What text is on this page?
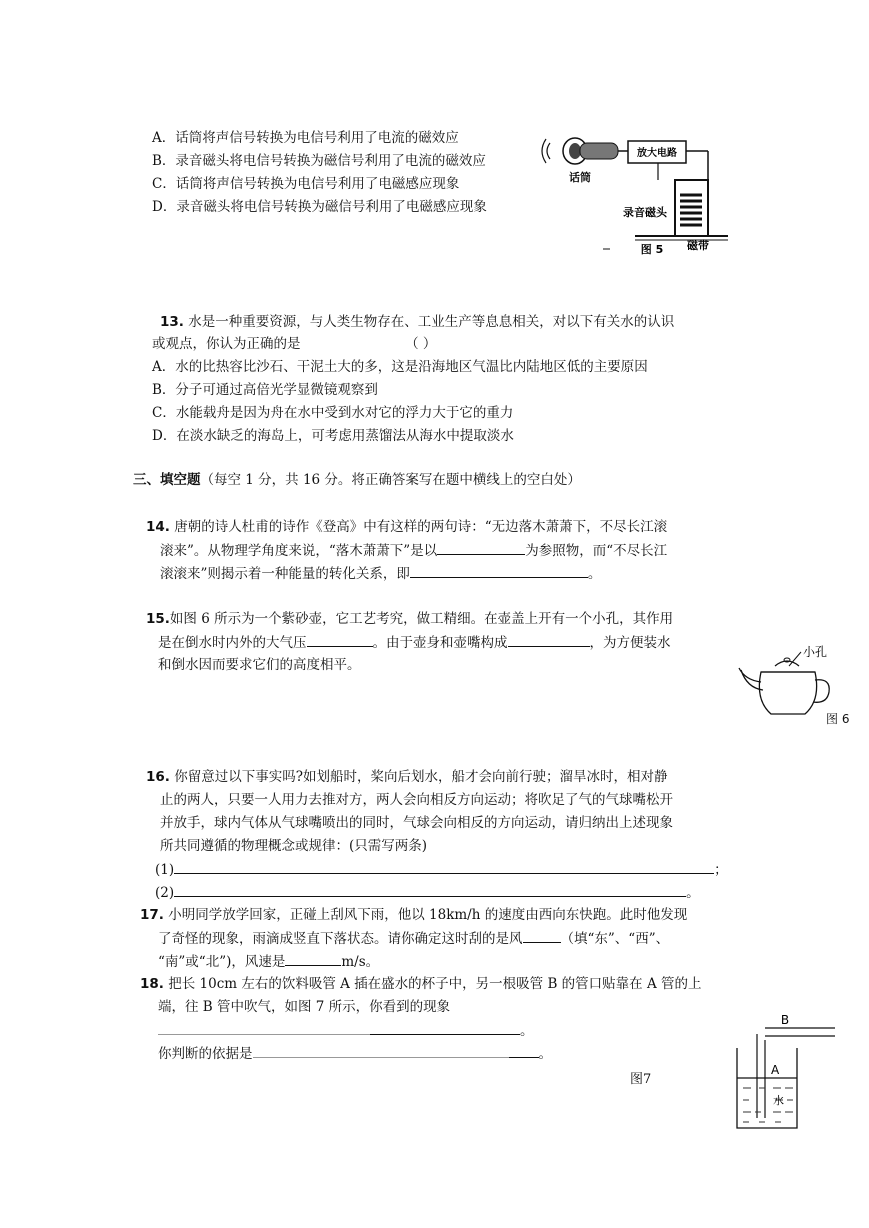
A．话筒将声信号转换为电信号利用了电流的磁效应
B．录音磁头将电信号转换为磁信号利用了电流的磁效应
C．话筒将声信号转换为电信号利用了电磁感应现象
D．录音磁头将电信号转换为磁信号利用了电磁感应现象
放大电路
话筒
录音磁头
磁带
图 5
13. 水是一种重要资源，与人类生物存在、工业生产等息息相关，对以下有关水的认识
或观点，你认为正确的是	（ ）
A．水的比热容比沙石、干泥土大的多，这是沿海地区气温比内陆地区低的主要原因
B．分子可通过高倍光学显微镜观察到
C．水能载舟是因为舟在水中受到水对它的浮力大于它的重力
D．在淡水缺乏的海岛上，可考虑用蒸馏法从海水中提取淡水
三、填空题（每空 1 分，共 16 分。将正确答案写在题中横线上的空白处）
14. 唐朝的诗人杜甫的诗作《登高》中有这样的两句诗：“无边落木萧萧下，不尽长江滚
滚来”。从物理学角度来说，“落木萧萧下”是以	为参照物，而“不尽长江
滚滚来”则揭示着一种能量的转化关系，即	。
15.如图 6 所示为一个紫砂壶，它工艺考究，做工精细。在壶盖上开有一个小孔，其作用
是在倒水时内外的大气压	。由于壶身和壶嘴构成	，为方便装水
和倒水因而要求它们的高度相平。
小孔
图 6
16. 你留意过以下事实吗?如划船时，桨向后划水，船才会向前行驶；溜旱冰时，相对静
止的两人，只要一人用力去推对方，两人会向相反方向运动；将吹足了气的气球嘴松开
并放手，球内气体从气球嘴喷出的同时，气球会向相反的方向运动，请归纳出上述现象
所共同遵循的物理概念或规律：(只需写两条)
(1)	；
(2)	。
17. 小明同学放学回家，正碰上刮风下雨，他以 18km/h 的速度由西向东快跑。此时他发现
了奇怪的现象，雨滴成竖直下落状态。请你确定这时刮的是风	（填“东”、“西”、
“南”或“北”)，风速是	m/s。
18. 把长 10cm 左右的饮料吸管 A 插在盛水的杯子中，另一根吸管 B 的管口贴靠在 A 管的上
端，往 B 管中吹气，如图 7 所示，你看到的现象
。
你判断的依据是	。
图7
B
A
水
